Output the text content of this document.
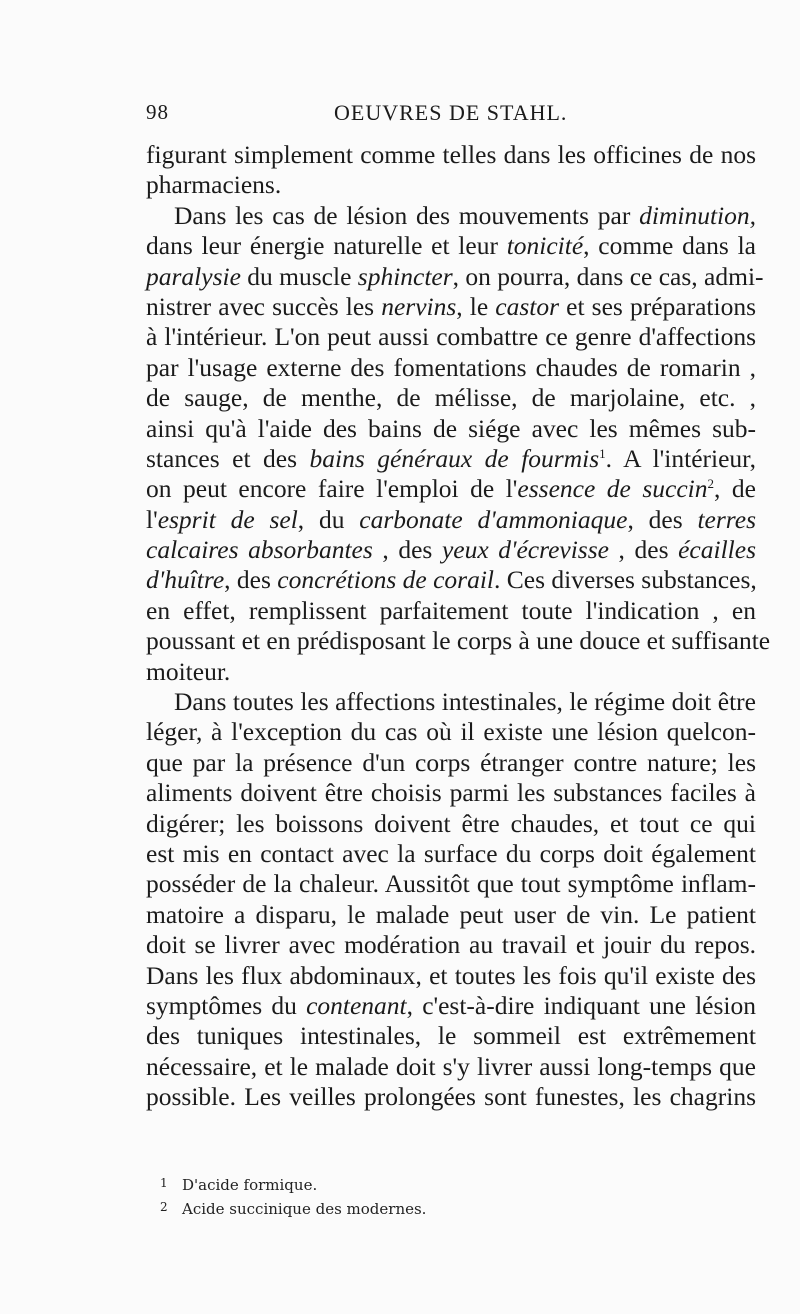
98	OEUVRES DE STAHL.
figurant simplement comme telles dans les officines de nos
pharmaciens.
Dans les cas de lésion des mouvements par diminution,
dans leur énergie naturelle et leur tonicité, comme dans la
paralysie du muscle sphincter, on pourra, dans ce cas, admi-
nistrer avec succès les nervins, le castor et ses préparations
à l'intérieur. L'on peut aussi combattre ce genre d'affections
par l'usage externe des fomentations chaudes de romarin ,
de sauge, de menthe, de mélisse, de marjolaine, etc. ,
ainsi qu'à l'aide des bains de siége avec les mêmes sub-
stances et des bains généraux de fourmis$^1$. A l'intérieur,
on peut encore faire l'emploi de l'essence de succin$^2$, de
l'esprit de sel, du carbonate d'ammoniaque, des terres
calcaires absorbantes , des yeux d'écrevisse , des écailles
d'huître, des concrétions de corail. Ces diverses substances,
en effet, remplissent parfaitement toute l'indication , en
poussant et en prédisposant le corps à une douce et suffisante
moiteur.
Dans toutes les affections intestinales, le régime doit être
léger, à l'exception du cas où il existe une lésion quelcon-
que par la présence d'un corps étranger contre nature; les
aliments doivent être choisis parmi les substances faciles à
digérer; les boissons doivent être chaudes, et tout ce qui
est mis en contact avec la surface du corps doit également
posséder de la chaleur. Aussitôt que tout symptôme inflam-
matoire a disparu, le malade peut user de vin. Le patient
doit se livrer avec modération au travail et jouir du repos.
Dans les flux abdominaux, et toutes les fois qu'il existe des
symptômes du contenant, c'est-à-dire indiquant une lésion
des tuniques intestinales, le sommeil est extrêmement
nécessaire, et le malade doit s'y livrer aussi long-temps que
possible. Les veilles prolongées sont funestes, les chagrins
1 D'acide formique.
2 Acide succinique des modernes.
